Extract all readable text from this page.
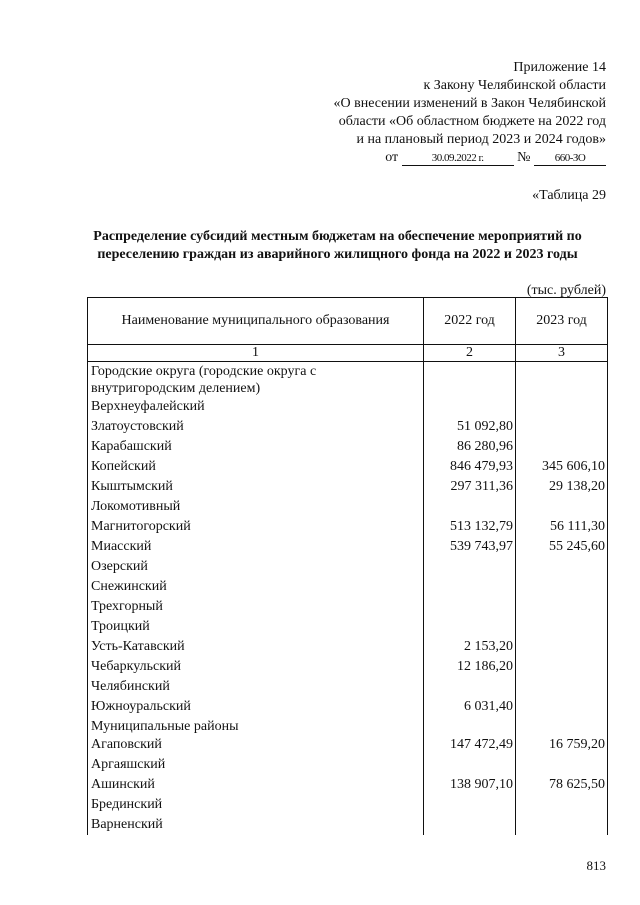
Приложение 14
к Закону Челябинской области
«О внесении изменений в Закон Челябинской
области «Об областном бюджете на 2022 год
и на плановый период 2023 и 2024 годов»
от	30.09.2022 г. № 660-ЗО
«Таблица 29
Распределение субсидий местным бюджетам на обеспечение мероприятий по
переселению граждан из аварийного жилищного фонда на 2022 и 2023 годы
(тыс. рублей)
Наименование муниципального образования	2022 год	2023 год
1	2	3
Городские округа (городские округа с внутригородским делением)		
Верхнеуфалейский		
Златоустовский	51 092,80	
Карабашский	86 280,96	
Копейский	846 479,93	345 606,10
Кыштымский	297 311,36	29 138,20
Локомотивный		
Магнитогорский	513 132,79	56 111,30
Миасский	539 743,97	55 245,60
Озерский		
Снежинский		
Трехгорный		
Троицкий		
Усть-Катавский	2 153,20	
Чебаркульский	12 186,20	
Челябинский		
Южноуральский	6 031,40	
Муниципальные районы		
Агаповский	147 472,49	16 759,20
Аргаяшский		
Ашинский	138 907,10	78 625,50
Брединский		
Варненский		
813
